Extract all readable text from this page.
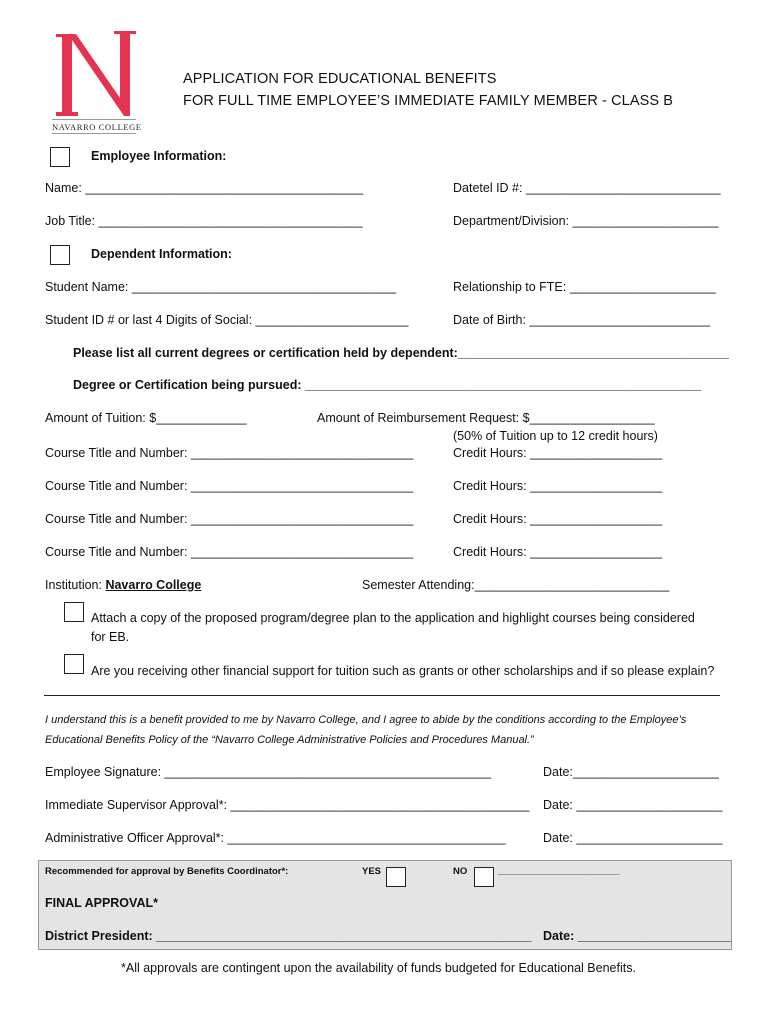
NAVARRO COLLEGE
APPLICATION FOR EDUCATIONAL BENEFITS
FOR FULL TIME EMPLOYEE’S IMMEDIATE FAMILY MEMBER - CLASS B
Employee Information:
Name: ________________________________________	Datetel ID #: ____________________________
Job Title: ______________________________________	Department/Division: _____________________
Dependent Information:
Student Name: ______________________________________	Relationship to FTE: _____________________
Student ID # or last 4 Digits of Social: ______________________	Date of Birth: __________________________
Please list all current degrees or certification held by dependent:_______________________________________
Degree or Certification being pursued: _________________________________________________________
Amount of Tuition: $_____________	Amount of Reimbursement Request: $__________________
(50% of Tuition up to 12 credit hours)
Course Title and Number: ________________________________	Credit Hours: ___________________
Course Title and Number: ________________________________	Credit Hours: ___________________
Course Title and Number: ________________________________	Credit Hours: ___________________
Course Title and Number: ________________________________	Credit Hours: ___________________
Institution: Navarro College	Semester Attending:____________________________
Attach a copy of the proposed program/degree plan to the application and highlight courses being considered
for EB.
Are you receiving other financial support for tuition such as grants or other scholarships and if so please explain?
I understand this is a benefit provided to me by Navarro College, and I agree to abide by the conditions according to the Employee’s
Educational Benefits Policy of the “Navarro College Administrative Policies and Procedures Manual.”
Employee Signature: _______________________________________________	Date:_____________________
Immediate Supervisor Approval*: ___________________________________________ Date: _____________________
Administrative Officer Approval*: ________________________________________	Date: _____________________
Recommended for approval by Benefits Coordinator*:	YES	NO	_______________________
FINAL APPROVAL*
District President: ______________________________________________________ Date: ______________________
*All approvals are contingent upon the availability of funds budgeted for Educational Benefits.
